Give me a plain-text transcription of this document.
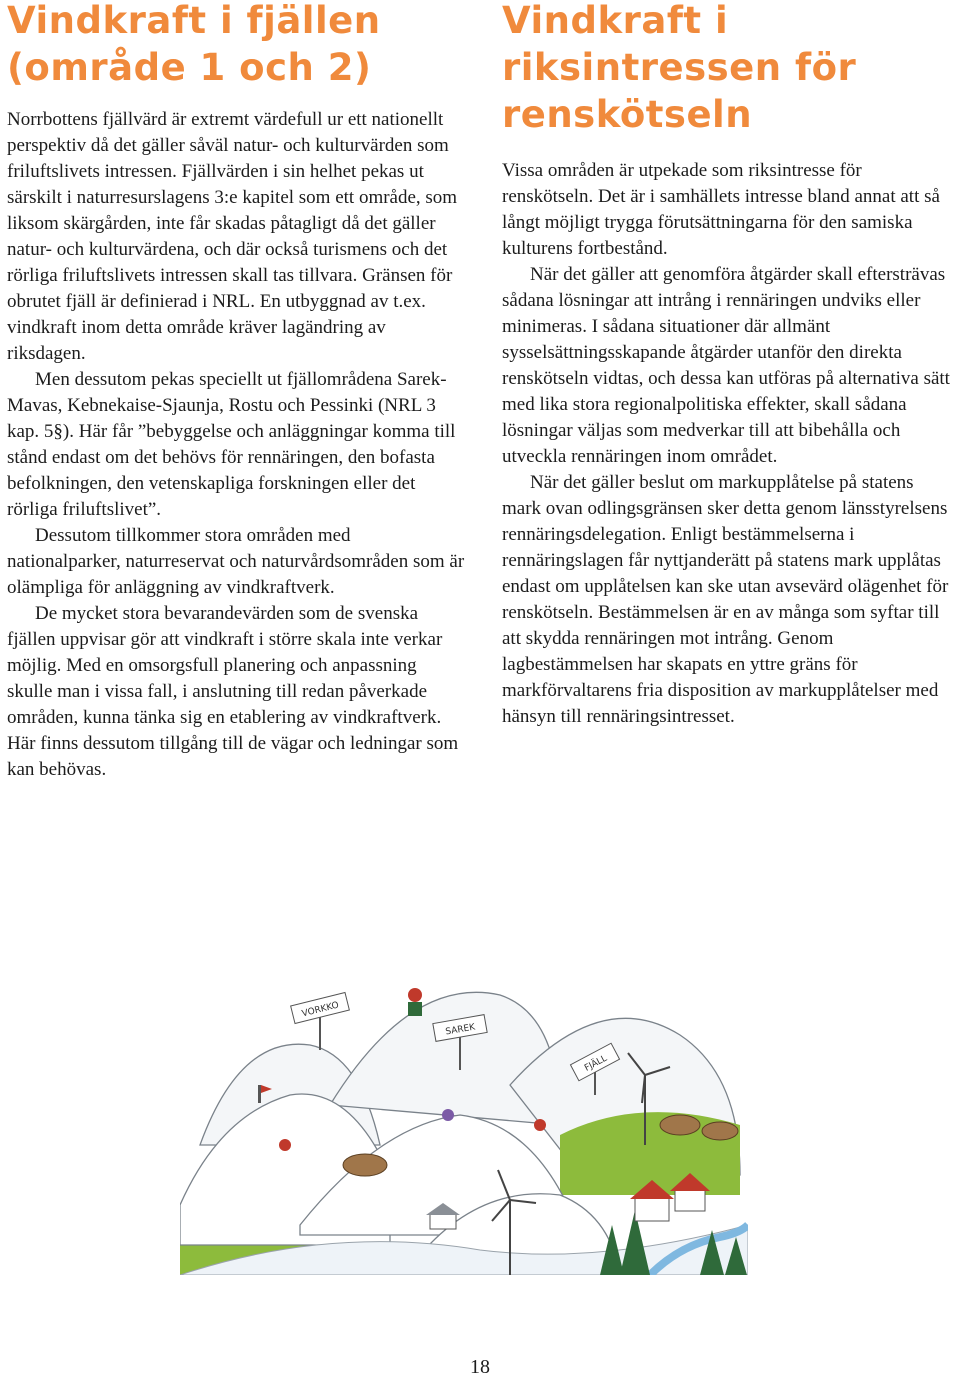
Vindkraft i fjällen
(område 1 och 2)

Norrbottens fjällvärd är extremt värdefull ur ett nationellt perspektiv då det gäller såväl natur- och kulturvärden som friluftslivets intressen. Fjällvärden i sin helhet pekas ut särskilt i naturresurslagens 3:e kapitel som ett område, som liksom skärgården, inte får skadas påtagligt då det gäller natur- och kulturvärdena, och där också turismens och det rörliga friluftslivets intressen skall tas tillvara. Gränsen för obrutet fjäll är definierad i NRL. En utbyggnad av t.ex. vindkraft inom detta område kräver lagändring av riksdagen.

Men dessutom pekas speciellt ut fjällområdena Sarek-Mavas, Kebnekaise-Sjaunja, Rostu och Pessinki (NRL 3 kap. 5§). Här får ”bebyggelse och anläggningar komma till stånd endast om det behövs för rennäringen, den bofasta befolkningen, den vetenskapliga forskningen eller det rörliga friluftslivet”.

Dessutom tillkommer stora områden med nationalparker, naturreservat och naturvårdsområden som är olämpliga för anläggning av vindkraftverk.

De mycket stora bevarandevärden som de svenska fjällen uppvisar gör att vindkraft i större skala inte verkar möjlig. Med en omsorgsfull planering och anpassning skulle man i vissa fall, i anslutning till redan påverkade områden, kunna tänka sig en etablering av vindkraftverk. Här finns dessutom tillgång till de vägar och ledningar som kan behövas.

Vindkraft i
riksintressen för
renskötseln

Vissa områden är utpekade som riksintresse för renskötseln. Det är i samhällets intresse bland annat att så långt möjligt trygga förutsättningarna för den samiska kulturens fortbestånd.

När det gäller att genomföra åtgärder skall eftersträvas sådana lösningar att intrång i rennäringen undviks eller minimeras. I sådana situationer där allmänt sysselsättningsskapande åtgärder utanför den direkta renskötseln vidtas, och dessa kan utföras på alternativa sätt med lika stora regionalpolitiska effekter, skall sådana lösningar väljas som medverkar till att bibehålla och utveckla rennäringen inom området.

När det gäller beslut om markupplåtelse på statens mark ovan odlingsgränsen sker detta genom länsstyrelsens rennäringsdelegation. Enligt bestämmelserna i rennäringslagen får nyttjanderätt på statens mark upplåtas endast om upplåtelsen kan ske utan avsevärd olägenhet för renskötseln. Bestämmelsen är en av många som syftar till att skydda rennäringen mot intrång. Genom lagbestämmelsen har skapats en yttre gräns för markförvaltarens fria disposition av markupplåtelser med hänsyn till rennäringsintresset.

VORKKO
SAREK
FJÄLL
18
